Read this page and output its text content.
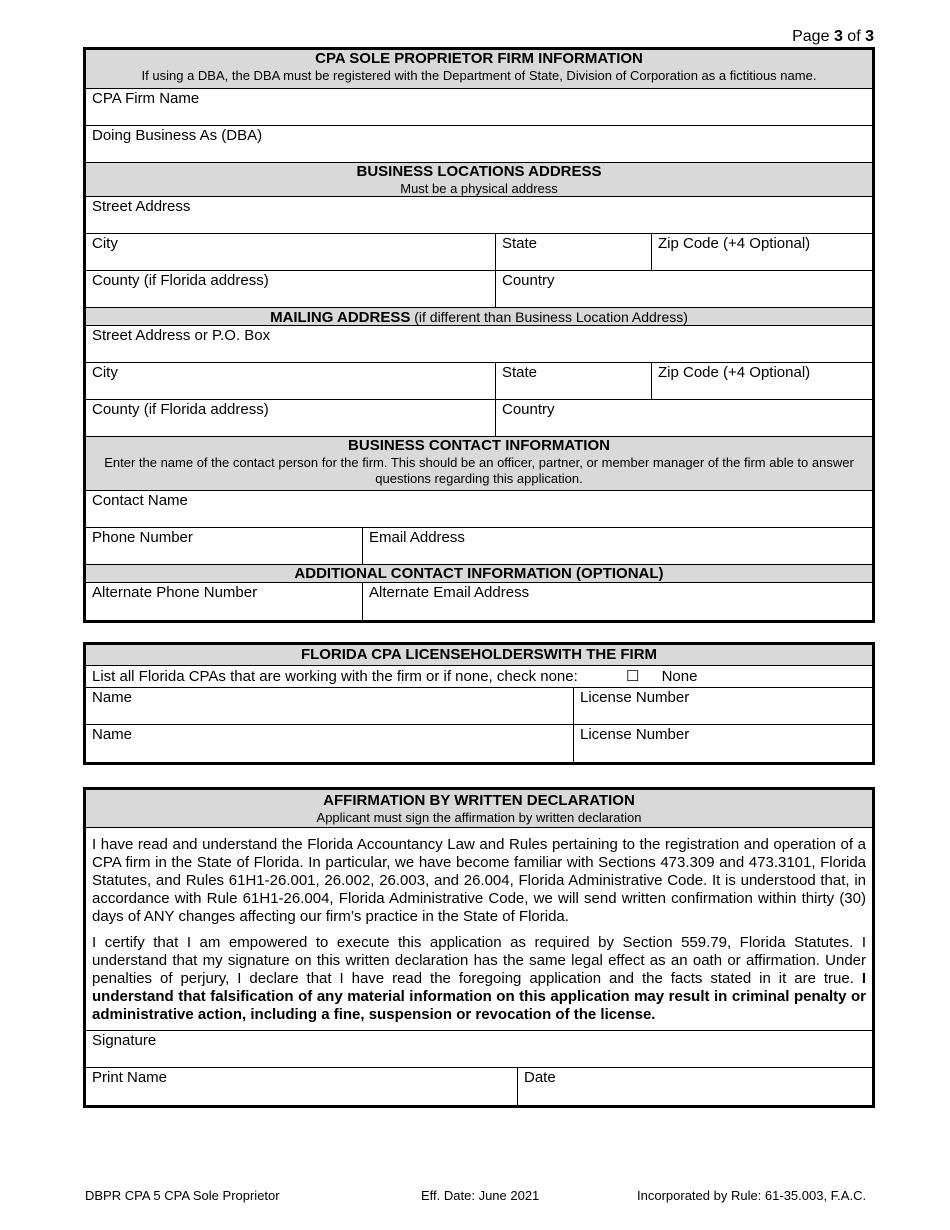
Page 3 of 3
CPA SOLE PROPRIETOR FIRM INFORMATION
If using a DBA, the DBA must be registered with the Department of State, Division of Corporation as a fictitious name.
CPA Firm Name
Doing Business As (DBA)
BUSINESS LOCATIONS ADDRESS
Must be a physical address
Street Address
City	State	Zip Code (+4 Optional)
County (if Florida address)	Country
MAILING ADDRESS (if different than Business Location Address)
Street Address or P.O. Box
City	State	Zip Code (+4 Optional)
County (if Florida address)	Country
BUSINESS CONTACT INFORMATION
Enter the name of the contact person for the firm. This should be an officer, partner, or member manager of the firm able to answer questions regarding this application.
Contact Name
Phone Number	Email Address
ADDITIONAL CONTACT INFORMATION (OPTIONAL)
Alternate Phone Number	Alternate Email Address
FLORIDA CPA LICENSEHOLDERSWITH THE FIRM
List all Florida CPAs that are working with the firm or if none, check none:	☐ None
Name	License Number
Name	License Number
AFFIRMATION BY WRITTEN DECLARATION
Applicant must sign the affirmation by written declaration

I have read and understand the Florida Accountancy Law and Rules pertaining to the registration and operation of a CPA firm in the State of Florida. In particular, we have become familiar with Sections 473.309 and 473.3101, Florida Statutes, and Rules 61H1-26.001, 26.002, 26.003, and 26.004, Florida Administrative Code. It is understood that, in accordance with Rule 61H1-26.004, Florida Administrative Code, we will send written confirmation within thirty (30) days of ANY changes affecting our firm’s practice in the State of Florida.

I certify that I am empowered to execute this application as required by Section 559.79, Florida Statutes. I understand that my signature on this written declaration has the same legal effect as an oath or affirmation. Under penalties of perjury, I declare that I have read the foregoing application and the facts stated in it are true. I understand that falsification of any material information on this application may result in criminal penalty or administrative action, including a fine, suspension or revocation of the license.

Signature
Print Name	Date
DBPR CPA 5 CPA Sole Proprietor	Eff. Date: June 2021	Incorporated by Rule: 61-35.003, F.A.C.
